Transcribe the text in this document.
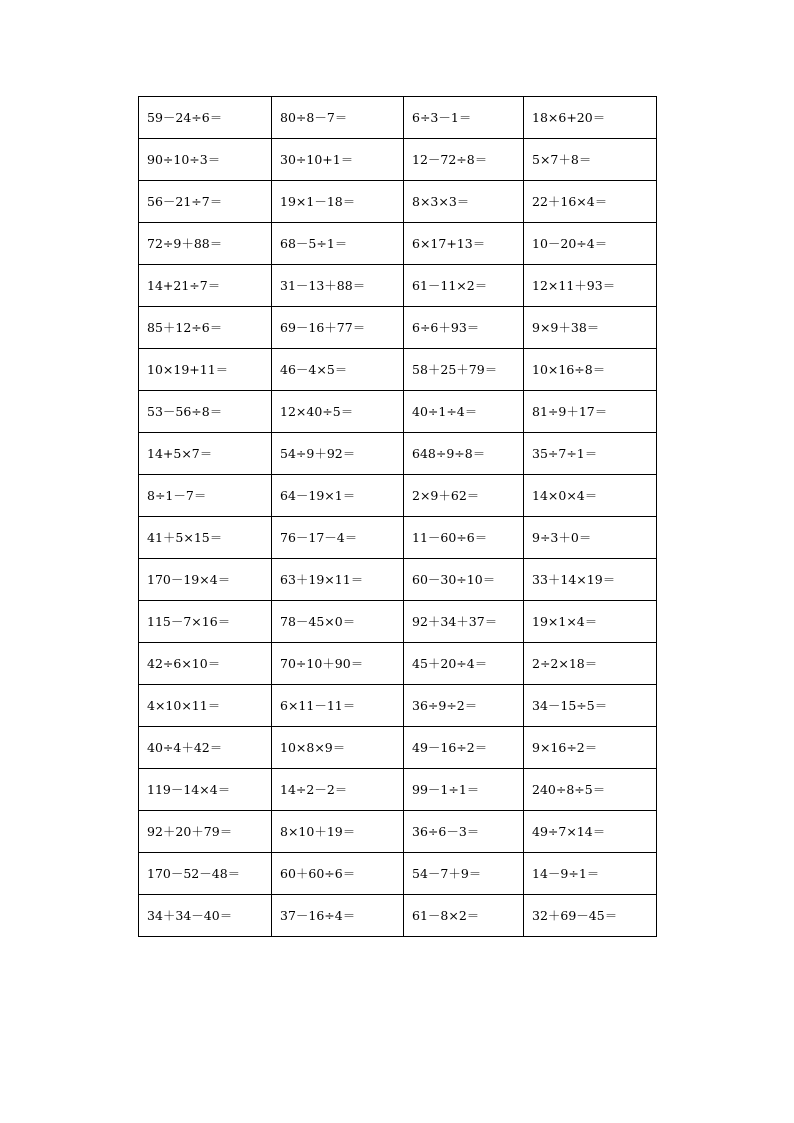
59－24÷6＝	80÷8－7＝	6÷3－1＝	18×6+20＝
90÷10÷3＝	30÷10+1＝	12－72÷8＝	5×7＋8＝
56－21÷7＝	19×1－18＝	8×3×3＝	22＋16×4＝
72÷9＋88＝	68－5÷1＝	6×17+13＝	10－20÷4＝
14+21÷7＝	31－13＋88＝	61－11×2＝	12×11＋93＝
85＋12÷6＝	69－16＋77＝	6÷6＋93＝	9×9＋38＝
10×19+11＝	46－4×5＝	58＋25＋79＝	10×16÷8＝
53－56÷8＝	12×40÷5＝	40÷1÷4＝	81÷9＋17＝
14+5×7＝	54÷9＋92＝	648÷9÷8＝	35÷7÷1＝
8÷1－7＝	64－19×1＝	2×9＋62＝	14×0×4＝
41＋5×15＝	76－17－4＝	11－60÷6＝	9÷3＋0＝
170－19×4＝	63＋19×11＝	60－30÷10＝	33＋14×19＝
115－7×16＝	78－45×0＝	92＋34＋37＝	19×1×4＝
42÷6×10＝	70÷10＋90＝	45＋20÷4＝	2÷2×18＝
4×10×11＝	6×11－11＝	36÷9÷2＝	34－15÷5＝
40÷4＋42＝	10×8×9＝	49－16÷2＝	9×16÷2＝
119－14×4＝	14÷2－2＝	99－1÷1＝	240÷8÷5＝
92＋20＋79＝	8×10＋19＝	36÷6－3＝	49÷7×14＝
170－52－48＝	60＋60÷6＝	54－7＋9＝	14－9÷1＝
34＋34－40＝	37－16÷4＝	61－8×2＝	32＋69－45＝
